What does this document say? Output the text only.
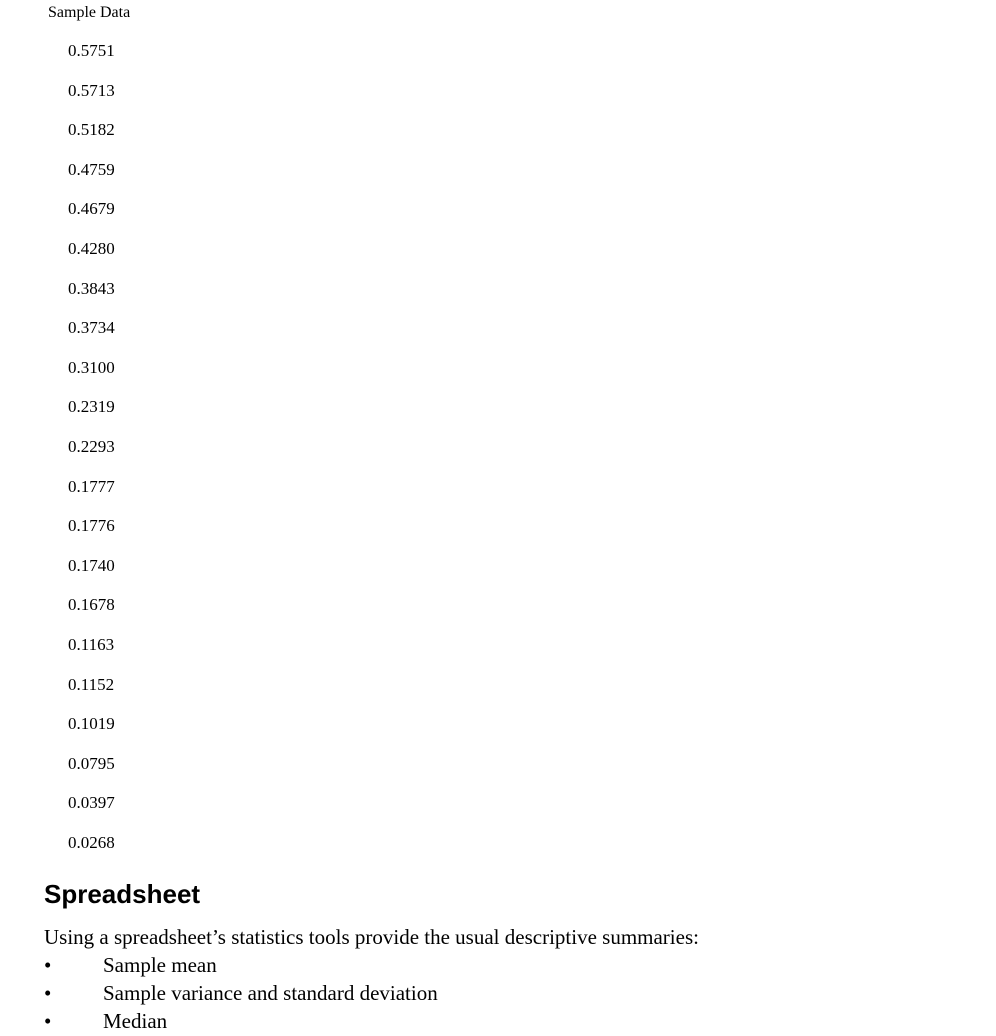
Sample Data
0.5751
0.5713
0.5182
0.4759
0.4679
0.4280
0.3843
0.3734
0.3100
0.2319
0.2293
0.1777
0.1776
0.1740
0.1678
0.1163
0.1152
0.1019
0.0795
0.0397
0.0268
Spreadsheet

Using a spreadsheet’s statistics tools provide the usual descriptive summaries:

• Sample mean
• Sample variance and standard deviation
• Median
